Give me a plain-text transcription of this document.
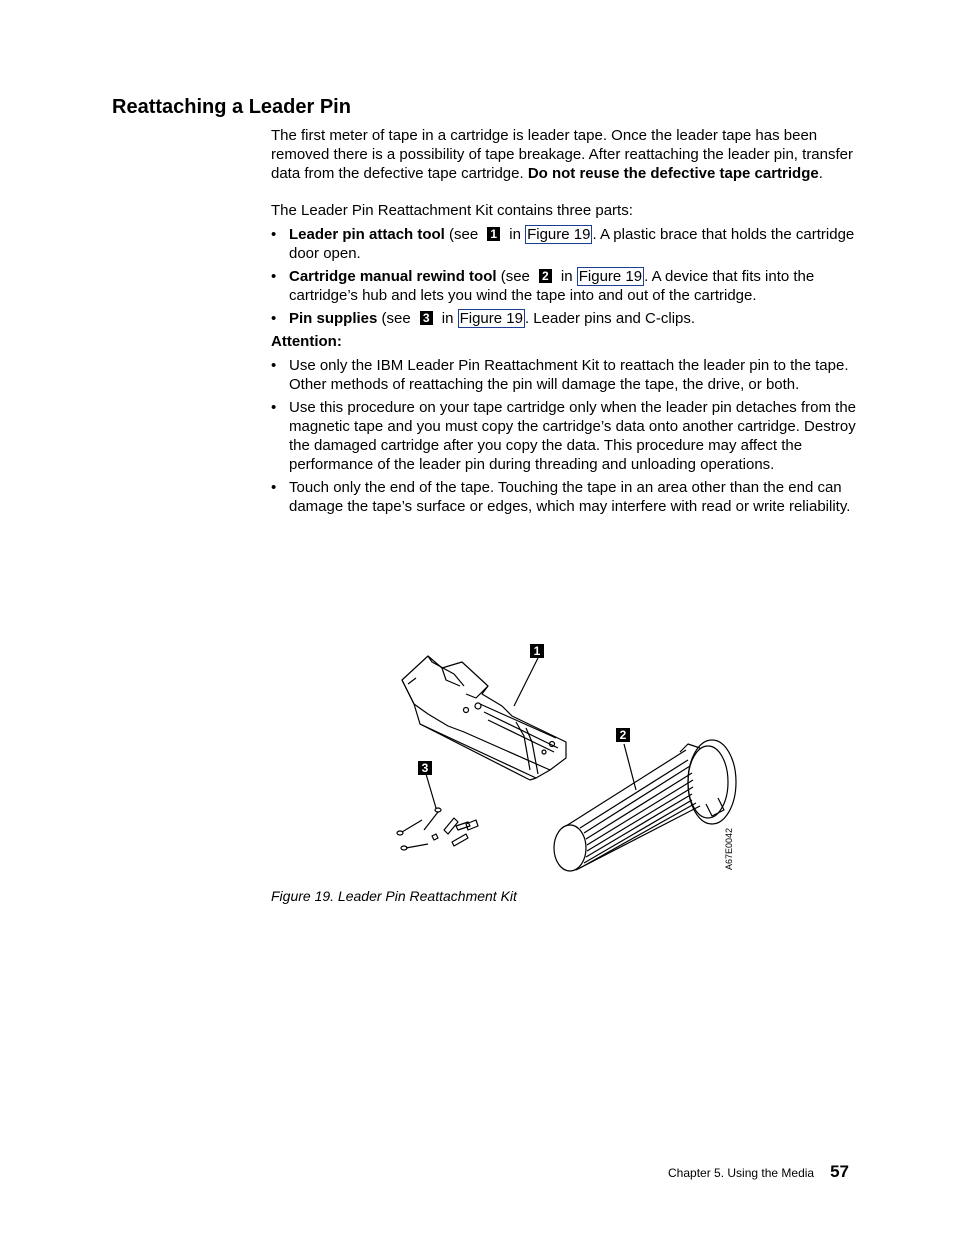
Reattaching a Leader Pin

The first meter of tape in a cartridge is leader tape. Once the leader tape has been removed there is a possibility of tape breakage. After reattaching the leader pin, transfer data from the defective tape cartridge. Do not reuse the defective tape cartridge.

The Leader Pin Reattachment Kit contains three parts:

• Leader pin attach tool (see 1 in Figure 19 . A plastic brace that holds the cartridge door open.
• Cartridge manual rewind tool (see 2 in Figure 19 . A device that fits into the cartridge’s hub and lets you wind the tape into and out of the cartridge.
• Pin supplies (see 3 in Figure 19 . Leader pins and C-clips.

Attention:

• Use only the IBM Leader Pin Reattachment Kit to reattach the leader pin to the tape. Other methods of reattaching the pin will damage the tape, the drive, or both.
• Use this procedure on your tape cartridge only when the leader pin detaches from the magnetic tape and you must copy the cartridge’s data onto another cartridge. Destroy the damaged cartridge after you copy the data. This procedure may affect the performance of the leader pin during threading and unloading operations.
• Touch only the end of the tape. Touching the tape in an area other than the end can damage the tape’s surface or edges, which may interfere with read or write reliability.
A67E0042
1
2
3
Figure 19. Leader Pin Reattachment Kit
Chapter 5. Using the Media 57
